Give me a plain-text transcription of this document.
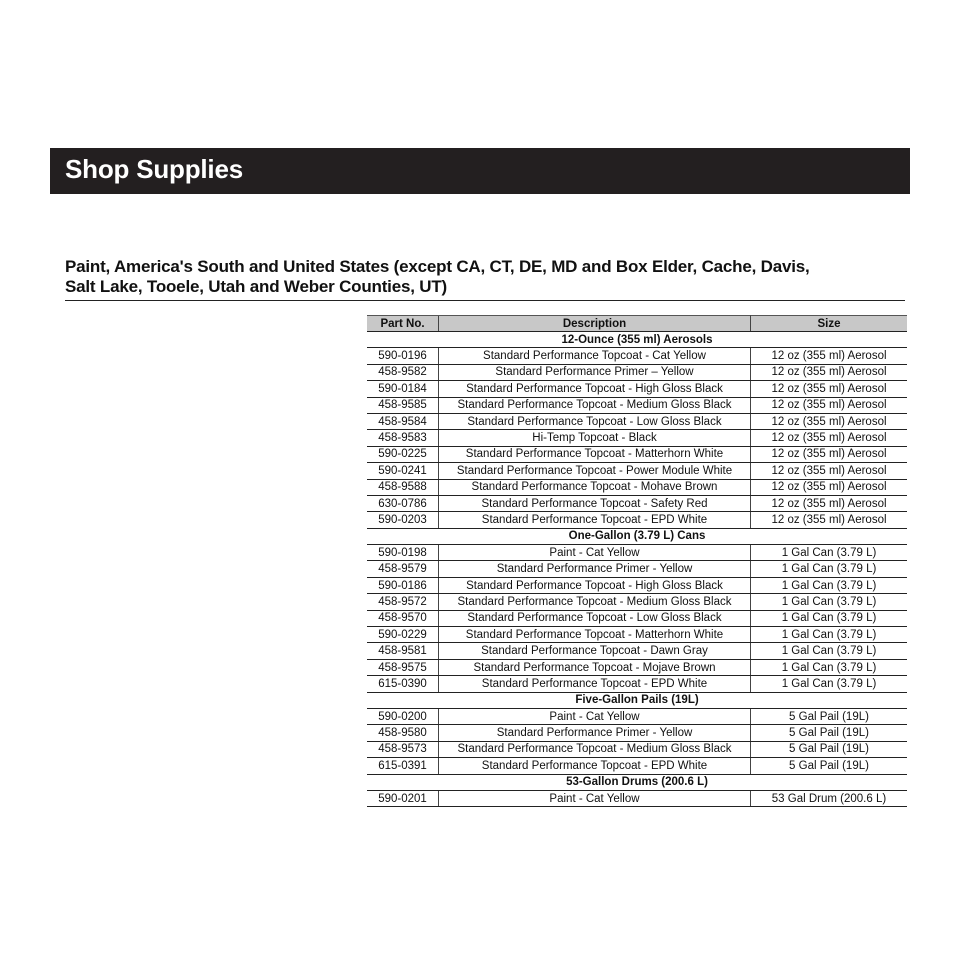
Shop Supplies
Paint, America's South and United States (except CA, CT, DE, MD and Box Elder, Cache, Davis,
Salt Lake, Tooele, Utah and Weber Counties, UT)
Part No.	Description	Size
12-Ounce (355 ml) Aerosols		
590-0196	Standard Performance Topcoat - Cat Yellow	12 oz (355 ml) Aerosol
458-9582	Standard Performance Primer – Yellow	12 oz (355 ml) Aerosol
590-0184	Standard Performance Topcoat - High Gloss Black	12 oz (355 ml) Aerosol
458-9585	Standard Performance Topcoat - Medium Gloss Black	12 oz (355 ml) Aerosol
458-9584	Standard Performance Topcoat - Low Gloss Black	12 oz (355 ml) Aerosol
458-9583	Hi-Temp Topcoat - Black	12 oz (355 ml) Aerosol
590-0225	Standard Performance Topcoat - Matterhorn White	12 oz (355 ml) Aerosol
590-0241	Standard Performance Topcoat - Power Module White	12 oz (355 ml) Aerosol
458-9588	Standard Performance Topcoat - Mohave Brown	12 oz (355 ml) Aerosol
630-0786	Standard Performance Topcoat - Safety Red	12 oz (355 ml) Aerosol
590-0203	Standard Performance Topcoat - EPD White	12 oz (355 ml) Aerosol
One-Gallon (3.79 L) Cans		
590-0198	Paint - Cat Yellow	1 Gal Can (3.79 L)
458-9579	Standard Performance Primer - Yellow	1 Gal Can (3.79 L)
590-0186	Standard Performance Topcoat - High Gloss Black	1 Gal Can (3.79 L)
458-9572	Standard Performance Topcoat - Medium Gloss Black	1 Gal Can (3.79 L)
458-9570	Standard Performance Topcoat - Low Gloss Black	1 Gal Can (3.79 L)
590-0229	Standard Performance Topcoat - Matterhorn White	1 Gal Can (3.79 L)
458-9581	Standard Performance Topcoat - Dawn Gray	1 Gal Can (3.79 L)
458-9575	Standard Performance Topcoat - Mojave Brown	1 Gal Can (3.79 L)
615-0390	Standard Performance Topcoat - EPD White	1 Gal Can (3.79 L)
Five-Gallon Pails (19L)		
590-0200	Paint - Cat Yellow	5 Gal Pail (19L)
458-9580	Standard Performance Primer - Yellow	5 Gal Pail (19L)
458-9573	Standard Performance Topcoat - Medium Gloss Black	5 Gal Pail (19L)
615-0391	Standard Performance Topcoat - EPD White	5 Gal Pail (19L)
53-Gallon Drums (200.6 L)		
590-0201	Paint - Cat Yellow	53 Gal Drum (200.6 L)
